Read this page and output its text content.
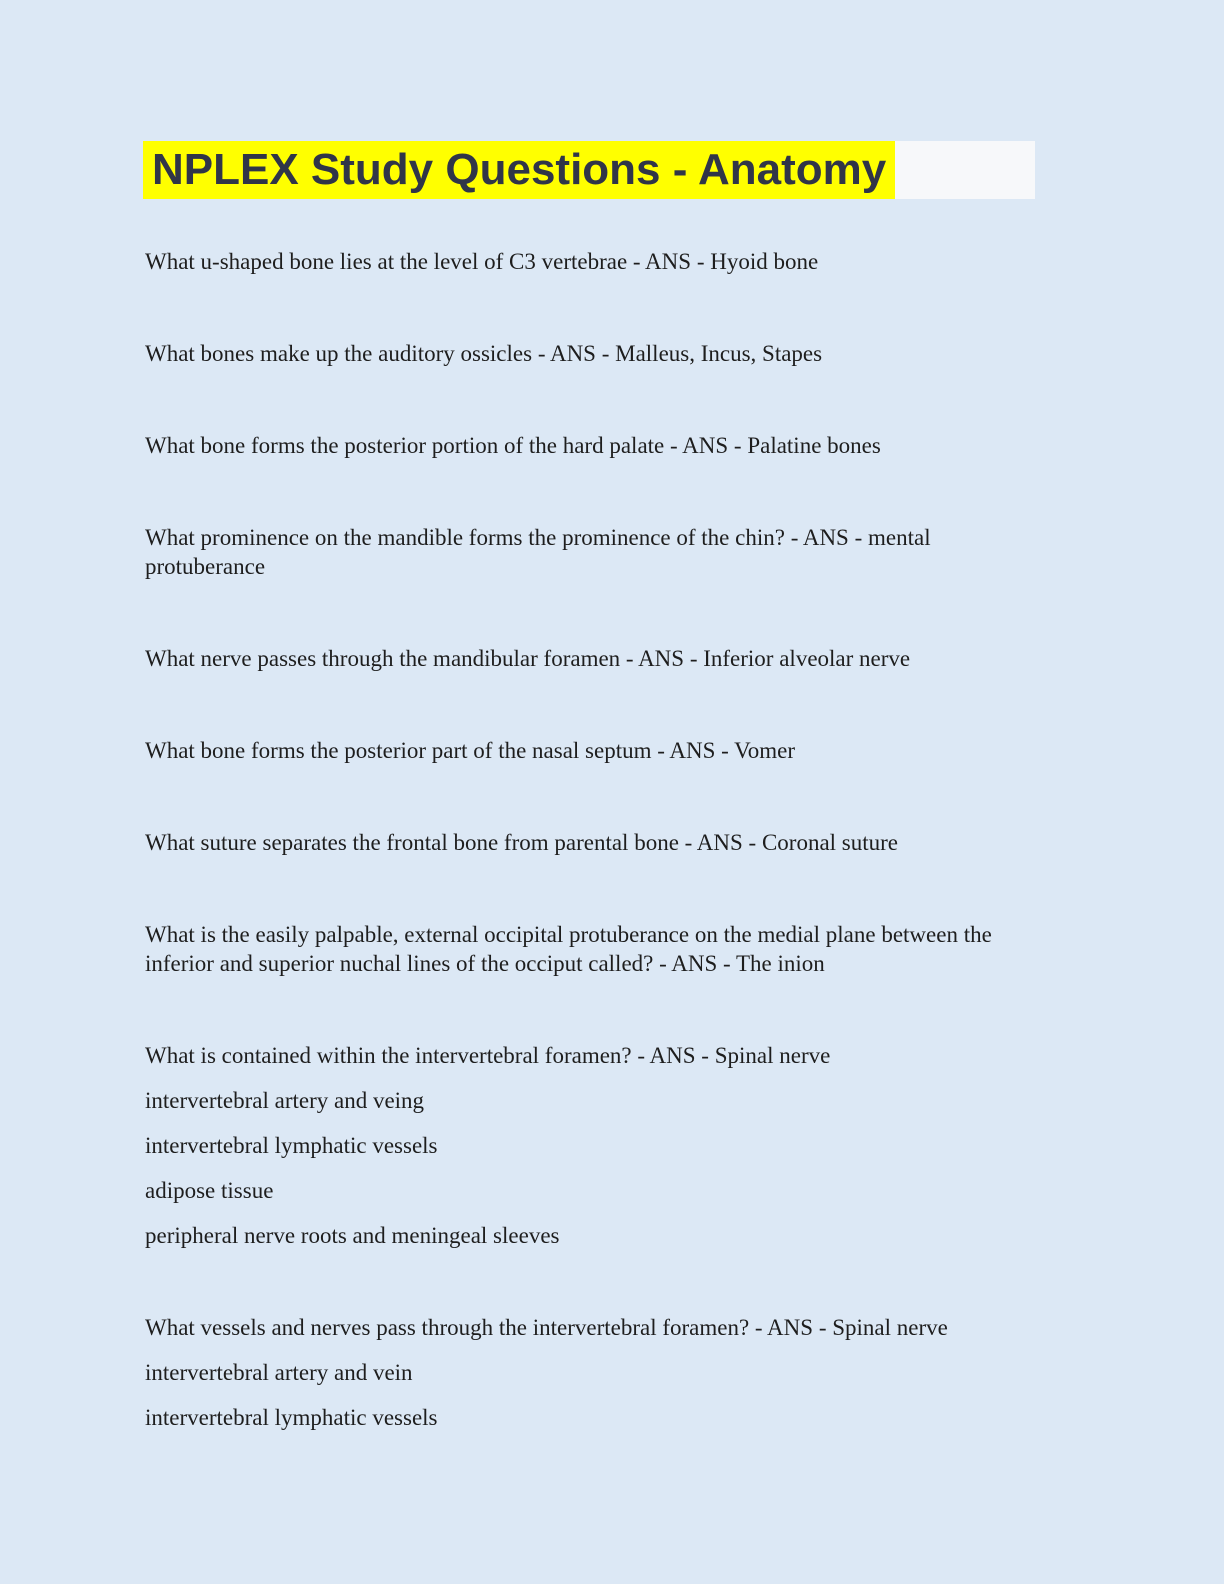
NPLEX Study Questions - Anatomy

What u-shaped bone lies at the level of C3 vertebrae - ANS - Hyoid bone

What bones make up the auditory ossicles - ANS - Malleus, Incus, Stapes

What bone forms the posterior portion of the hard palate - ANS - Palatine bones

What prominence on the mandible forms the prominence of the chin? - ANS - mental
protuberance

What nerve passes through the mandibular foramen - ANS - Inferior alveolar nerve

What bone forms the posterior part of the nasal septum - ANS - Vomer

What suture separates the frontal bone from parental bone - ANS - Coronal suture

What is the easily palpable, external occipital protuberance on the medial plane between the
inferior and superior nuchal lines of the occiput called? - ANS - The inion

What is contained within the intervertebral foramen? - ANS - Spinal nerve

intervertebral artery and veing

intervertebral lymphatic vessels

adipose tissue

peripheral nerve roots and meningeal sleeves

What vessels and nerves pass through the intervertebral foramen? - ANS - Spinal nerve

intervertebral artery and vein

intervertebral lymphatic vessels
